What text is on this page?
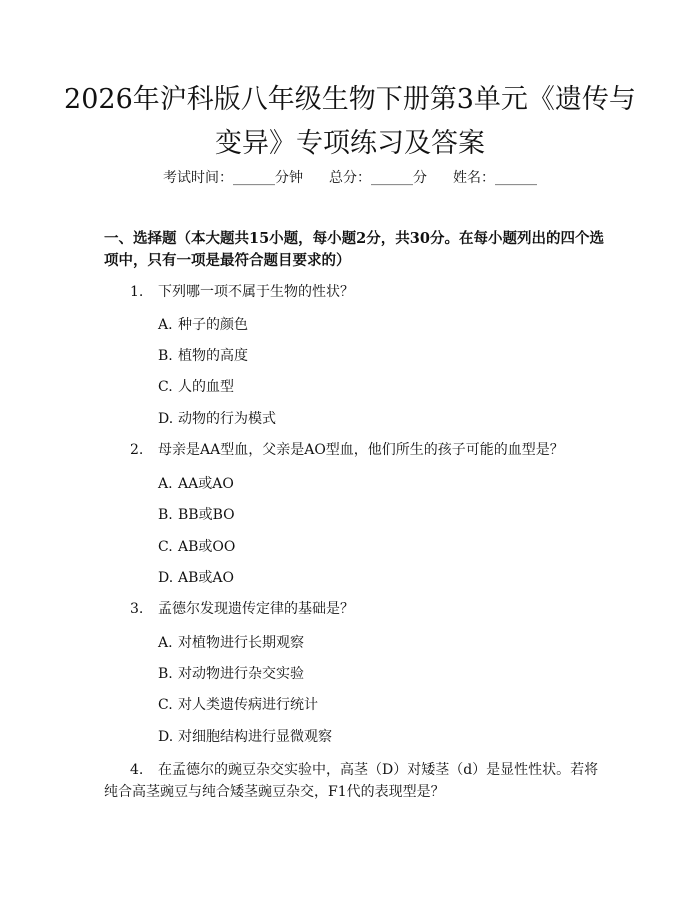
2026年沪科版八年级生物下册第3单元《遗传与变异》专项练习及答案
考试时间：______分钟 总分：______分 姓名：______
一、选择题（本大题共15小题，每小题2分，共30分。在每小题列出的四个选项中，只有一项是最符合题目要求的）
1. 下列哪一项不属于生物的性状？
A. 种子的颜色
B. 植物的高度
C. 人的血型
D. 动物的行为模式
2. 母亲是AA型血，父亲是AO型血，他们所生的孩子可能的血型是？
A. AA或AO
B. BB或BO
C. AB或OO
D. AB或AO
3. 孟德尔发现遗传定律的基础是？
A. 对植物进行长期观察
B. 对动物进行杂交实验
C. 对人类遗传病进行统计
D. 对细胞结构进行显微观察
4. 在孟德尔的豌豆杂交实验中，高茎（D）对矮茎（d）是显性性状。若将纯合高茎豌豆与纯合矮茎豌豆杂交，F1代的表现型是？
